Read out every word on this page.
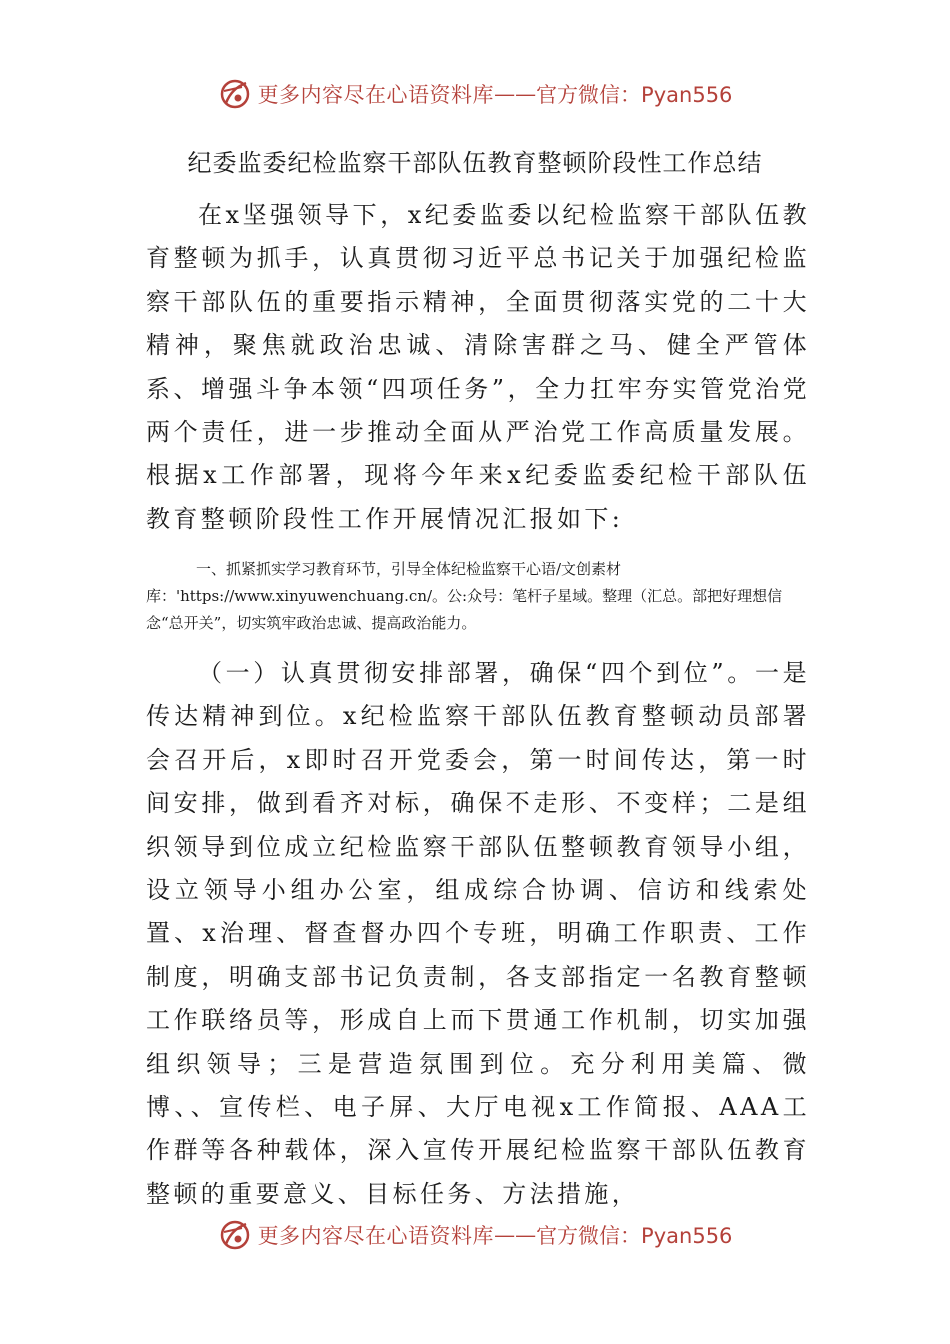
更多内容尽在心语资料库 —— 官方微信：Pyan556
纪委监委纪检监察干部队伍教育整顿阶段性工作总结
在x坚强领导下，x纪委监委以纪检监察干部队伍教育整顿为抓手，认真贯彻习近平总书记关于加强纪检监察干部队伍的重要指示精神，全面贯彻落实党的二十大精神，聚焦就政治忠诚、清除害群之马、健全严管体系、增强斗争本领“四项任务”，全力扛牢夯实管党治党两个责任，进一步推动全面从严治党工作高质量发展。根据x工作部署，现将今年来x纪委监委纪检干部队伍教育整顿阶段性工作开展情况汇报如下:
一、抓紧抓实学习教育环节，引导全体纪检监察干心语/文创素材库：'https://www.xinyuwenchuang.cn/。公:众号：笔杆子星域。整理（汇总。部把好理想信念“总开关”，切实筑牢政治忠诚、提高政治能力。
（一）认真贯彻安排部署，确保“四个到位”。一是传达精神到位。x纪检监察干部队伍教育整顿动员部署会召开后，x即时召开党委会，第一时间传达，第一时间安排，做到看齐对标，确保不走形、不变样；二是组织领导到位成立纪检监察干部队伍整顿教育领导小组，设立领导小组办公室，组成综合协调、信访和线索处置、x治理、督查督办四个专班，明确工作职责、工作制度，明确支部书记负责制，各支部指定一名教育整顿工作联络员等，形成自上而下贯通工作机制，切实加强组织领导；三是营造氛围到位。充分利用美篇、微博、、宣传栏、电子屏、大厅电视x工作简报、AAA工作群等各种载体，深入宣传开展纪检监察干部队伍教育整顿的重要意义、目标任务、方法措施，
更多内容尽在心语资料库 —— 官方微信：Pyan556
